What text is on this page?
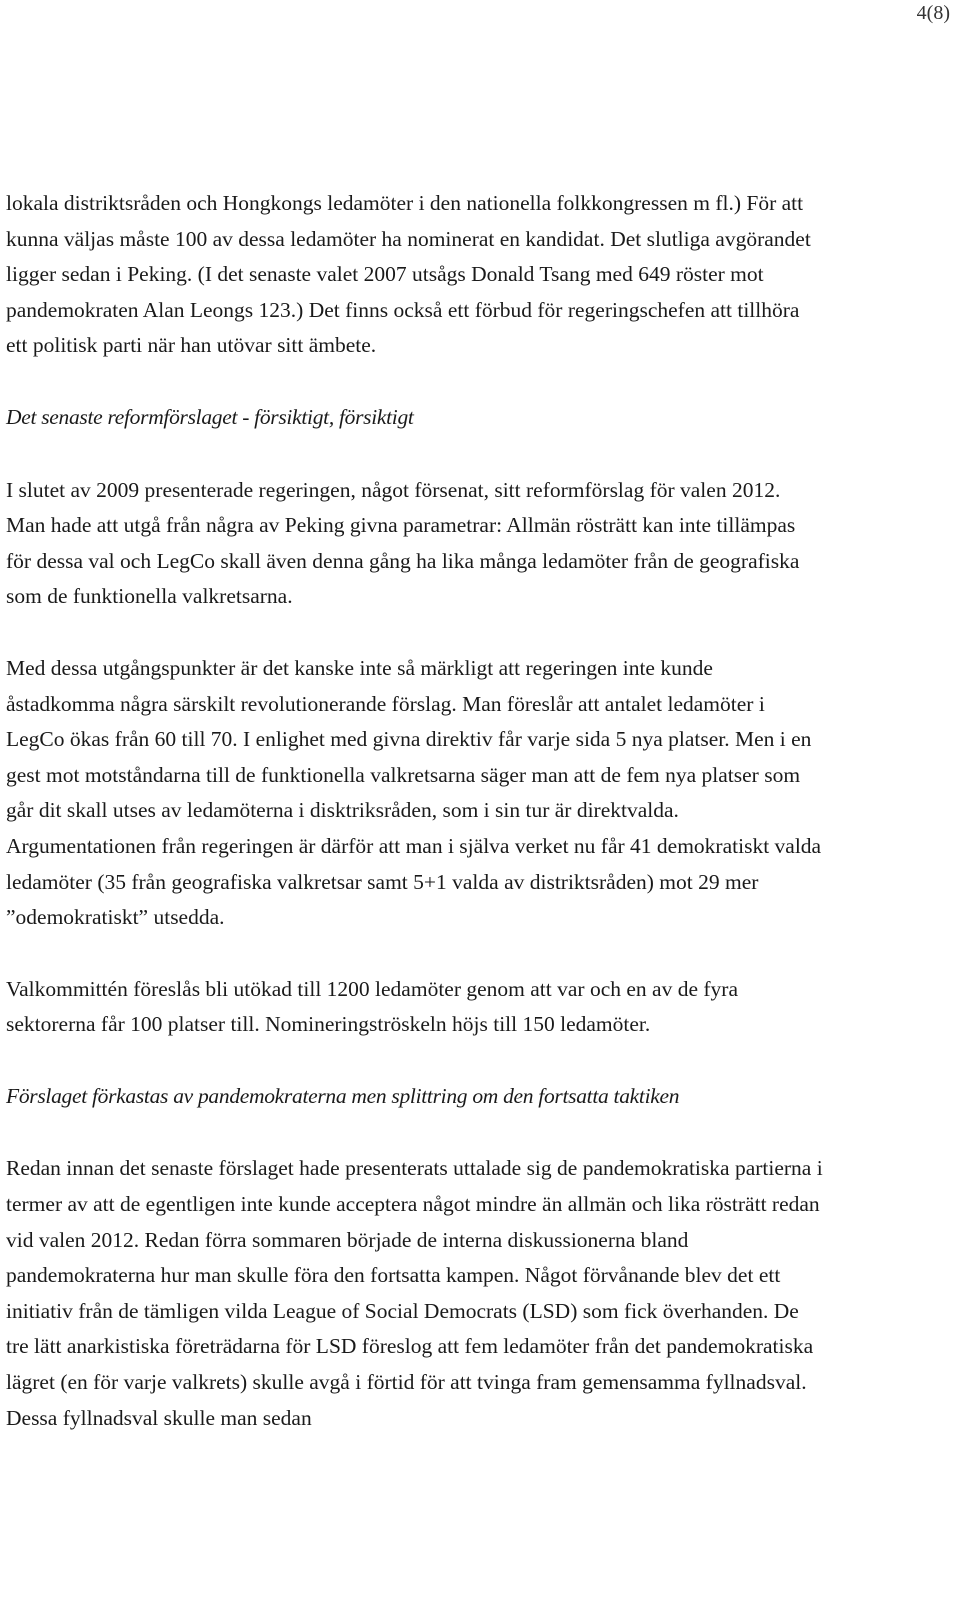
4(8)

lokala distriktsråden och Hongkongs ledamöter i den nationella folkkongressen m fl.) För att kunna väljas måste 100 av dessa ledamöter ha nominerat en kandidat. Det slutliga avgörandet ligger sedan i Peking. (I det senaste valet 2007 utsågs Donald Tsang med 649 röster mot pandemokraten Alan Leongs 123.) Det finns också ett förbud för regeringschefen att tillhöra ett politisk parti när han utövar sitt ämbete.

Det senaste reformförslaget - försiktigt, försiktigt

I slutet av 2009 presenterade regeringen, något försenat, sitt reformförslag för valen 2012. Man hade att utgå från några av Peking givna parametrar: Allmän rösträtt kan inte tillämpas för dessa val och LegCo skall även denna gång ha lika många ledamöter från de geografiska som de funktionella valkretsarna.

Med dessa utgångspunkter är det kanske inte så märkligt att regeringen inte kunde åstadkomma några särskilt revolutionerande förslag. Man föreslår att antalet ledamöter i LegCo ökas från 60 till 70. I enlighet med givna direktiv får varje sida 5 nya platser. Men i en gest mot motståndarna till de funktionella valkretsarna säger man att de fem nya platser som går dit skall utses av ledamöterna i disktriksråden, som i sin tur är direktvalda. Argumentationen från regeringen är därför att man i själva verket nu får 41 demokratiskt valda ledamöter (35 från geografiska valkretsar samt 5+1 valda av distriktsråden) mot 29 mer ”odemokratiskt” utsedda.

Valkommittén föreslås bli utökad till 1200 ledamöter genom att var och en av de fyra sektorerna får 100 platser till. Nomineringströskeln höjs till 150 ledamöter.

Förslaget förkastas av pandemokraterna men splittring om den fortsatta taktiken

Redan innan det senaste förslaget hade presenterats uttalade sig de pandemokratiska partierna i termer av att de egentligen inte kunde acceptera något mindre än allmän och lika rösträtt redan vid valen 2012. Redan förra sommaren började de interna diskussionerna bland pandemokraterna hur man skulle föra den fortsatta kampen. Något förvånande blev det ett initiativ från de tämligen vilda League of Social Democrats (LSD) som fick överhanden. De tre lätt anarkistiska företrädarna för LSD föreslog att fem ledamöter från det pandemokratiska lägret (en för varje valkrets) skulle avgå i förtid för att tvinga fram gemensamma fyllnadsval. Dessa fyllnadsval skulle man sedan
